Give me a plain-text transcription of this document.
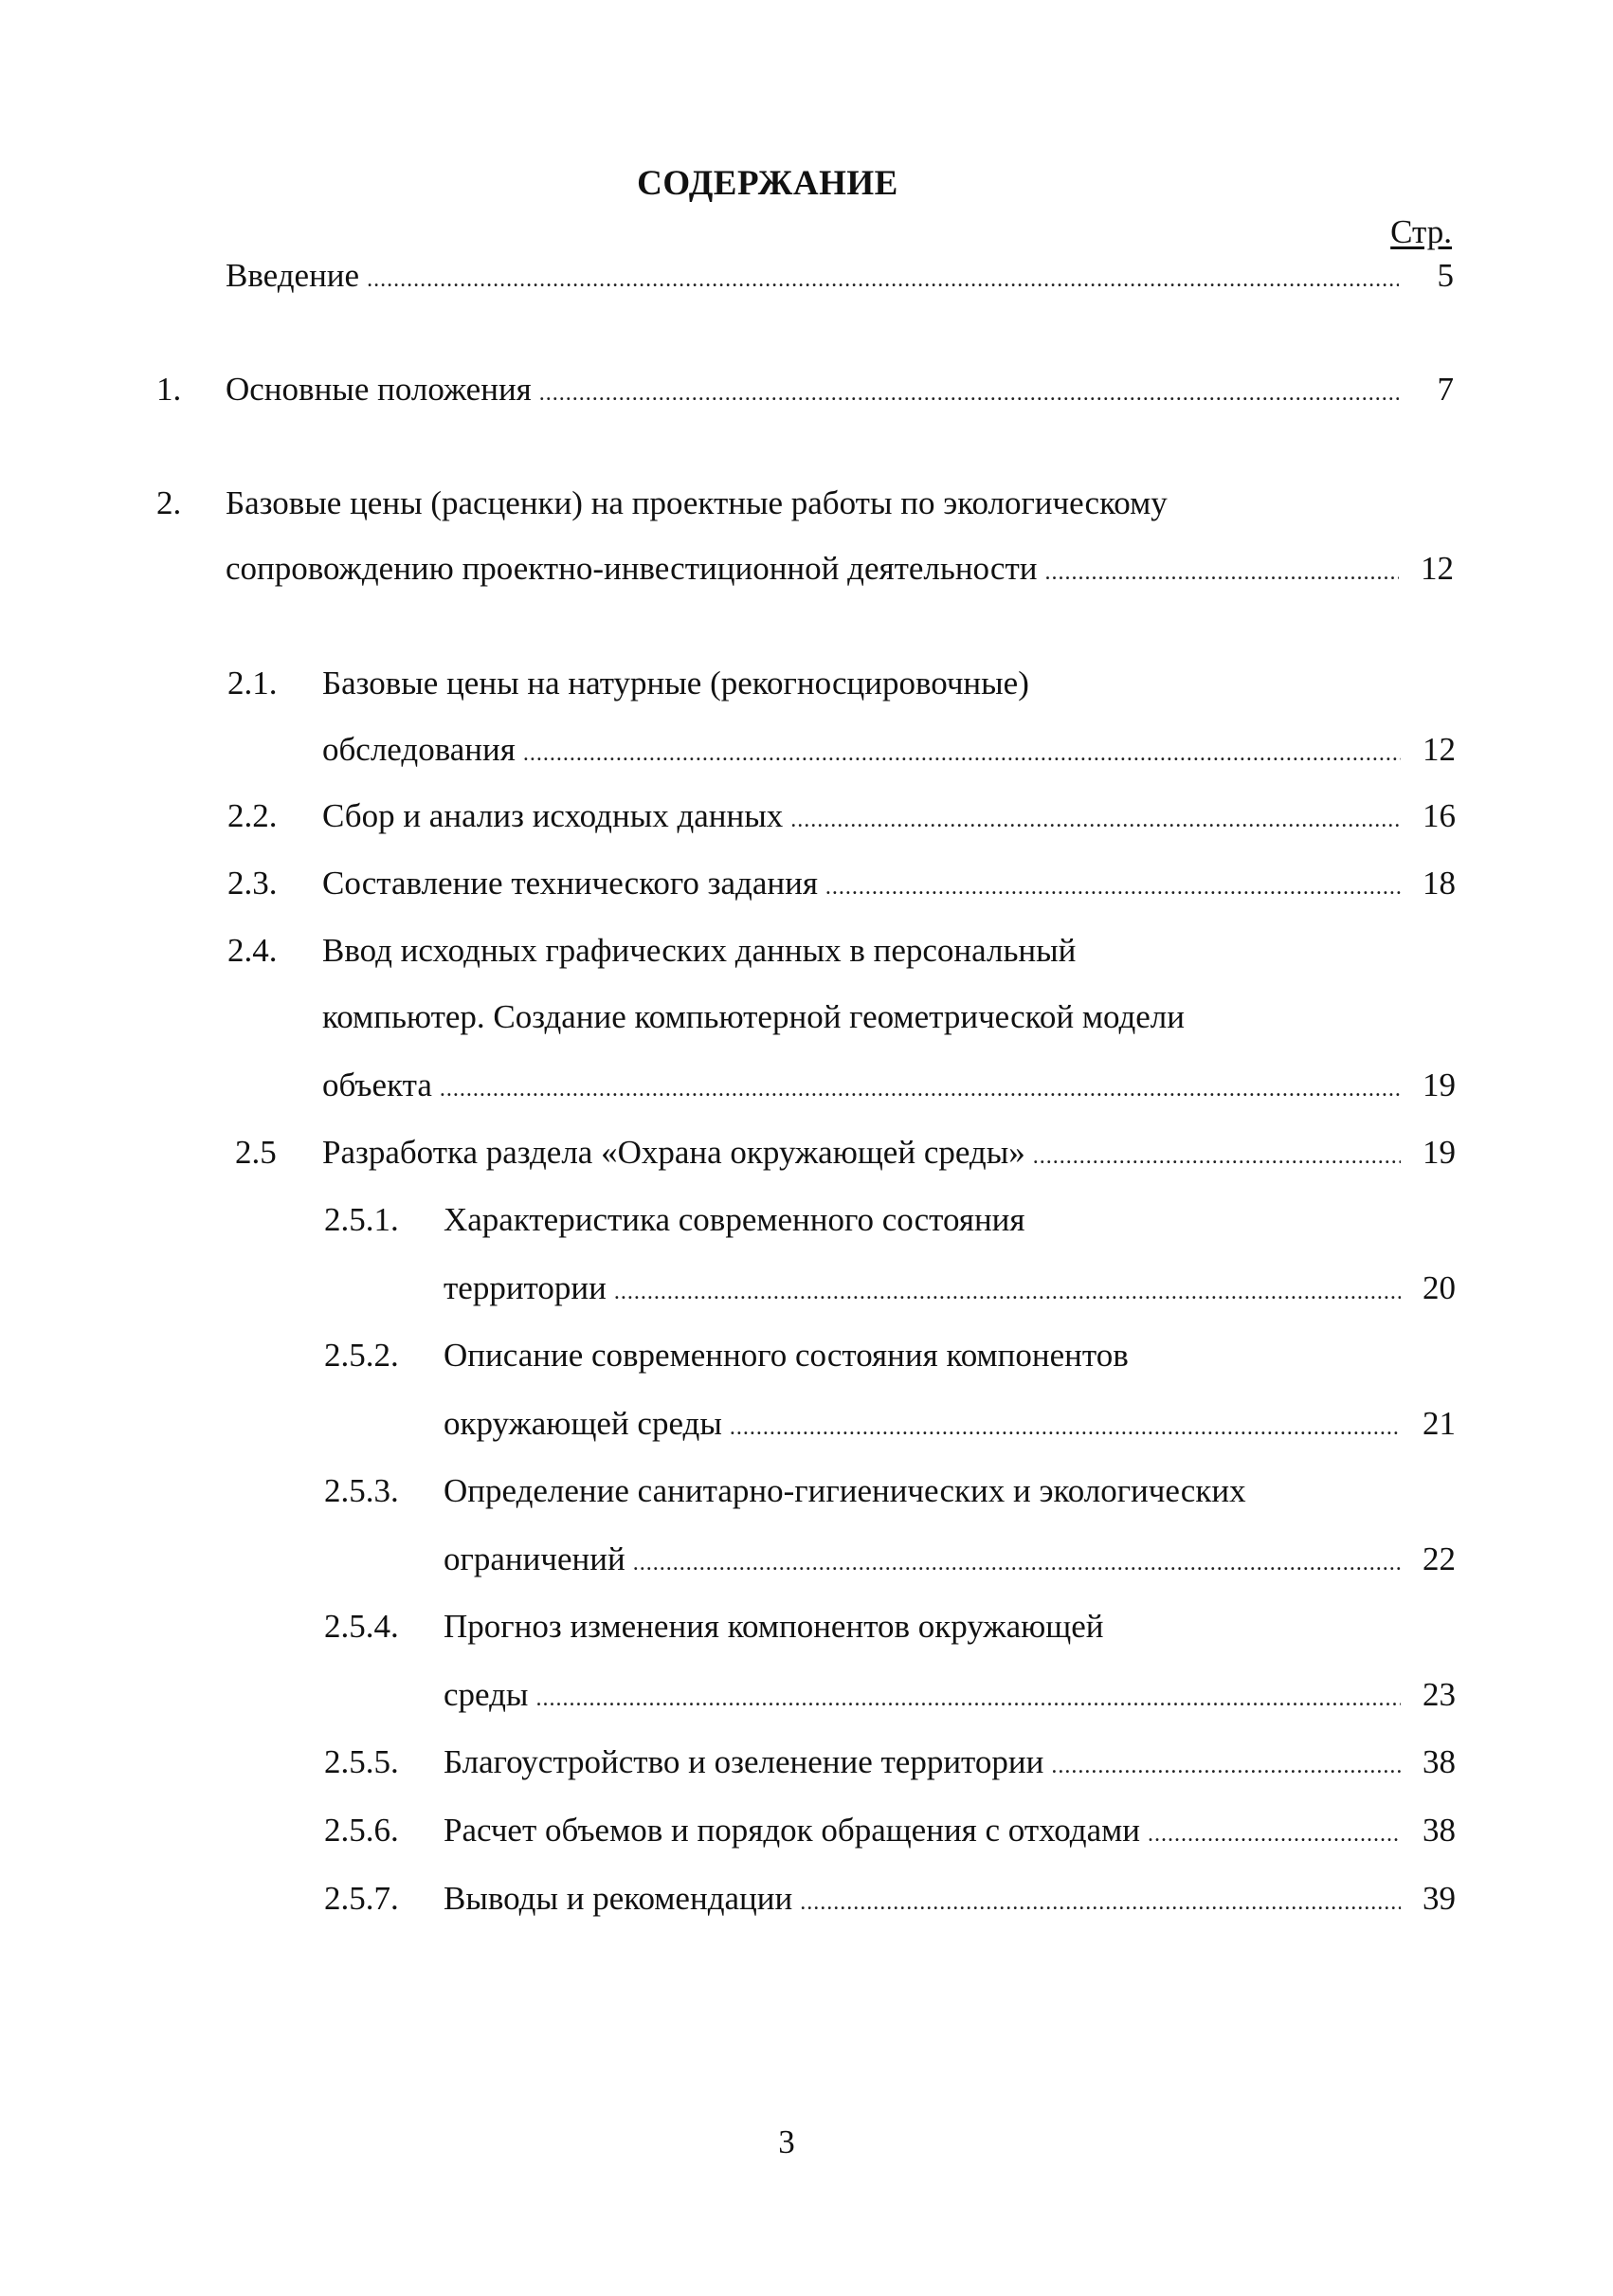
СОДЕРЖАНИЕ
Стр.
Введение .....	5
1. Основные положения .....	7
2. Базовые цены (расценки) на проектные работы по экологическому
сопровождению проектно-инвестиционной деятельности .....	12
2.1. Базовые цены на натурные (рекогносцировочные)
обследования .....	12
2.2. Сбор и анализ исходных данных .....	16
2.3. Составление технического задания .....	18
2.4. Ввод исходных графических данных в персональный
компьютер. Создание компьютерной геометрической модели
объекта .....	19
2.5 Разработка раздела «Охрана окружающей среды» .....	19
2.5.1. Характеристика современного состояния
территории .....	20
2.5.2. Описание современного состояния компонентов
окружающей среды .....	21
2.5.3. Определение санитарно-гигиенических и экологических
ограничений .....	22
2.5.4. Прогноз изменения компонентов окружающей
среды .....	23
2.5.5. Благоустройство и озеленение территории .....	38
2.5.6. Расчет объемов и порядок обращения с отходами .....	38
2.5.7. Выводы и рекомендации .....	39
3
